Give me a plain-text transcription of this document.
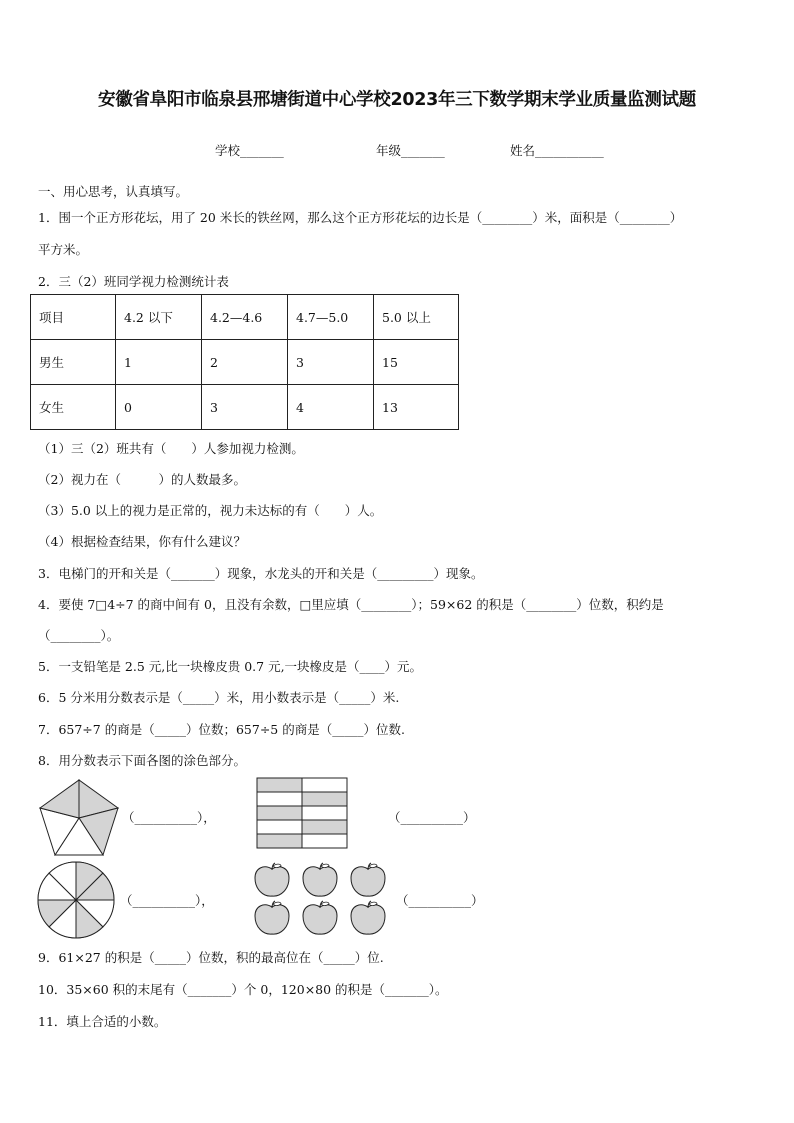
安徽省阜阳市临泉县邢塘街道中心学校2023年三下数学期末学业质量监测试题
学校_______	年级_______	姓名___________
一、用心思考，认真填写。
1．围一个正方形花坛，用了 20 米长的铁丝网，那么这个正方形花坛的边长是（________）米，面积是（________）
平方米。
2．三（2）班同学视力检测统计表
项目	4.2 以下	4.2—4.6	4.7—5.0	5.0 以上
男生	1	2	3	15
女生	0	3	4	13
（1）三（2）班共有（　　）人参加视力检测。
（2）视力在（　　　）的人数最多。
（3）5.0 以上的视力是正常的，视力未达标的有（　　）人。
（4）根据检查结果，你有什么建议？
3．电梯门的开和关是（_______）现象，水龙头的开和关是（_________）现象。
4．要使 7□4÷7 的商中间有 0，且没有余数，□里应填（________）；59×62 的积是（________）位数，积约是
（________）。
5．一支铅笔是 2.5 元,比一块橡皮贵 0.7 元,一块橡皮是（____）元。
6．5 分米用分数表示是（_____）米，用小数表示是（_____）米.
7．657÷7 的商是（_____）位数；657÷5 的商是（_____）位数.
8．用分数表示下面各图的涂色部分。
（__________），	（__________）
（__________），	（__________）
9．61×27 的积是（_____）位数，积的最高位在（_____）位.
10．35×60 积的末尾有（_______）个 0，120×80 的积是（_______）。
11．填上合适的小数。
